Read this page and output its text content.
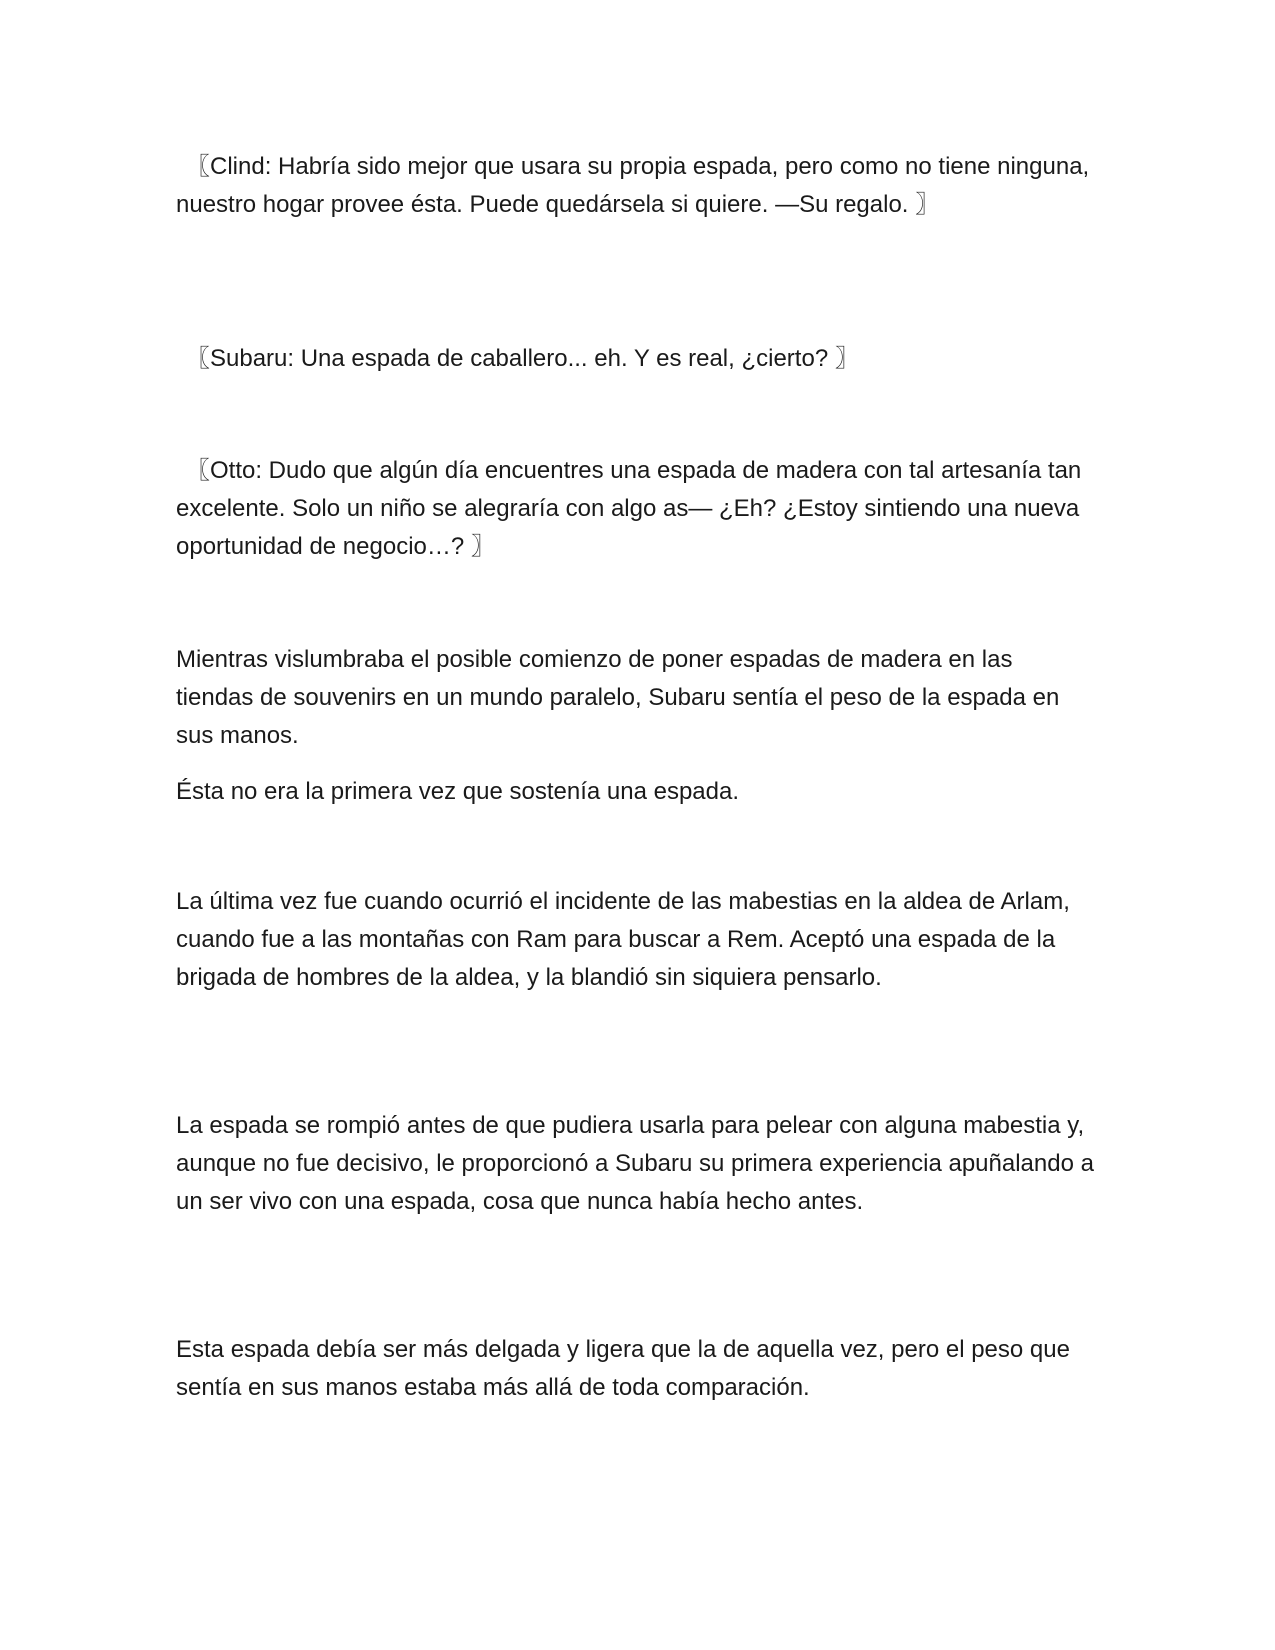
〖Clind: Habría sido mejor que usara su propia espada, pero como no tiene ninguna, nuestro hogar provee ésta. Puede quedársela si quiere. —Su regalo. 〗

〖Subaru: Una espada de caballero... eh. Y es real, ¿cierto? 〗

〖Otto: Dudo que algún día encuentres una espada de madera con tal artesanía tan excelente. Solo un niño se alegraría con algo as— ¿Eh? ¿Estoy sintiendo una nueva oportunidad de negocio…? 〗

Mientras vislumbraba el posible comienzo de poner espadas de madera en las tiendas de souvenirs en un mundo paralelo, Subaru sentía el peso de la espada en sus manos.

Ésta no era la primera vez que sostenía una espada.

La última vez fue cuando ocurrió el incidente de las mabestias en la aldea de Arlam, cuando fue a las montañas con Ram para buscar a Rem. Aceptó una espada de la brigada de hombres de la aldea, y la blandió sin siquiera pensarlo.

La espada se rompió antes de que pudiera usarla para pelear con alguna mabestia y, aunque no fue decisivo, le proporcionó a Subaru su primera experiencia apuñalando a un ser vivo con una espada, cosa que nunca había hecho antes.

Esta espada debía ser más delgada y ligera que la de aquella vez, pero el peso que sentía en sus manos estaba más allá de toda comparación.
